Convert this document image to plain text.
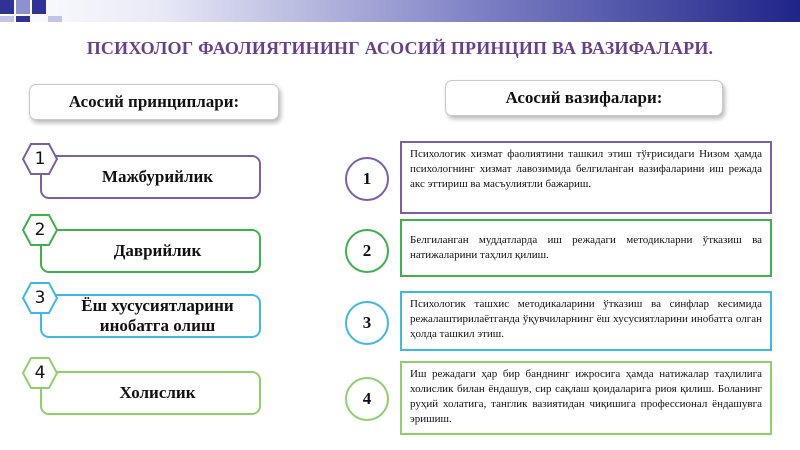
ПСИХОЛОГ ФАОЛИЯТИНИНГ АСОСИЙ ПРИНЦИП ВА ВАЗИФАЛАРИ.
Асосий принциплари:	Асосий вазифалари:
Мажбурийлик
1
Даврийлик
2
Ёш хусусиятларини инобатга олиш
3
Холислик
4
1
Психологик хизмат фаолиятини ташкил этиш тўғрисидаги Низом ҳамда психологнинг хизмат лавозимида белгиланган вазифаларини иш режада акс эттириш ва масъулиятли бажариш.
2
Белгиланган муддатларда иш режадаги методикларни ўтказиш ва натижаларини таҳлил қилиш.
3
Психологик ташхис методикаларини ўтказиш ва синфлар кесимида режалаштирилаётганда ўқувчиларнинг ёш хусусиятларини инобатга олган ҳолда ташкил этиш.
4
Иш режадаги ҳар бир банднинг ижросига ҳамда натижалар таҳлилига холислик билан ёндашув, сир сақлаш қоидаларига риоя қилиш. Боланинг руҳий холатига, танглик вазиятидан чиқишига профессионал ёндашувга эришиш.
